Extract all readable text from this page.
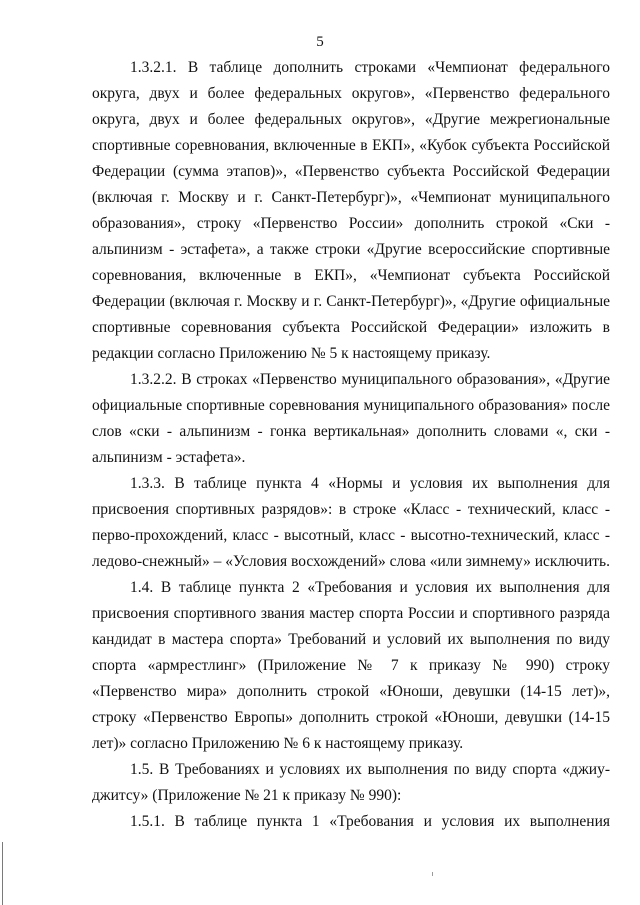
5

1.3.2.1. В таблице дополнить строками «Чемпионат федерального округа, двух и более федеральных округов», «Первенство федерального округа, двух и более федеральных округов», «Другие межрегиональные спортивные соревнования, включенные в ЕКП», «Кубок субъекта Российской Федерации (сумма этапов)», «Первенство субъекта Российской Федерации (включая г. Москву и г. Санкт-Петербург)», «Чемпионат муниципального образования», строку «Первенство России» дополнить строкой «Ски - альпинизм - эстафета», а также строки «Другие всероссийские спортивные соревнования, включенные в ЕКП», «Чемпионат субъекта Российской Федерации (включая г. Москву и г. Санкт-Петербург)», «Другие официальные спортивные соревнования субъекта Российской Федерации» изложить в редакции согласно Приложению № 5 к настоящему приказу.

1.3.2.2. В строках «Первенство муниципального образования», «Другие официальные спортивные соревнования муниципального образования» после слов «ски - альпинизм - гонка вертикальная» дополнить словами «, ски - альпинизм - эстафета».

1.3.3. В таблице пункта 4 «Нормы и условия их выполнения для присвоения спортивных разрядов»: в строке «Класс - технический, класс - перво-прохождений, класс - высотный, класс - высотно-технический, класс - ледово-снежный» – «Условия восхождений» слова «или зимнему» исключить.

1.4. В таблице пункта 2 «Требования и условия их выполнения для присвоения спортивного звания мастер спорта России и спортивного разряда кандидат в мастера спорта» Требований и условий их выполнения по виду спорта «армрестлинг» (Приложение № 7 к приказу № 990) строку «Первенство мира» дополнить строкой «Юноши, девушки (14-15 лет)», строку «Первенство Европы» дополнить строкой «Юноши, девушки (14-15 лет)» согласно Приложению № 6 к настоящему приказу.

1.5. В Требованиях и условиях их выполнения по виду спорта «джиу-джитсу» (Приложение № 21 к приказу № 990):

1.5.1. В таблице пункта 1 «Требования и условия их выполнения
